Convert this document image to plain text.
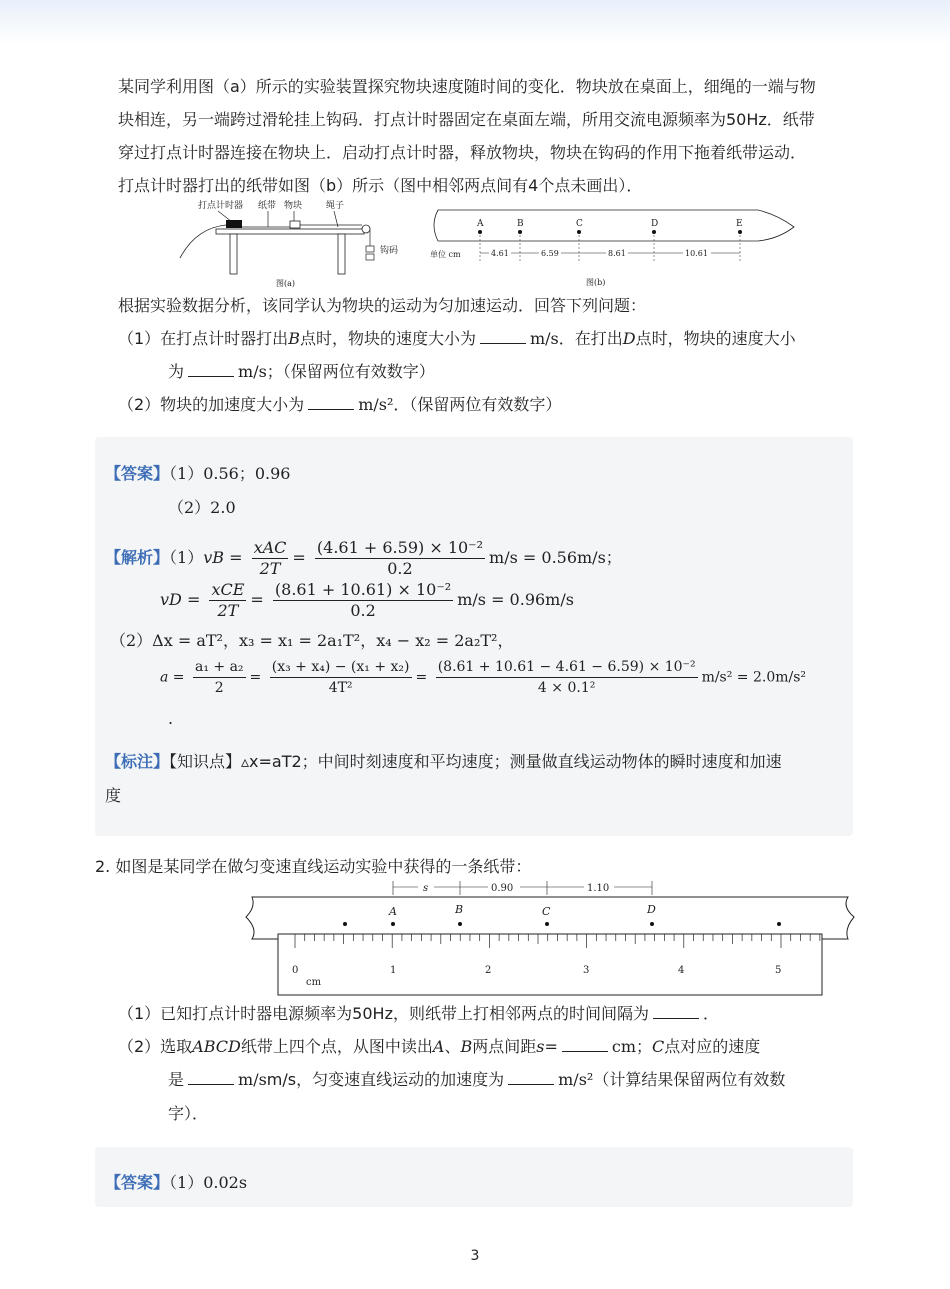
某同学利用图（a）所示的实验装置探究物块速度随时间的变化．物块放在桌面上，细绳的一端与物
块相连，另一端跨过滑轮挂上钩码．打点计时器固定在桌面左端，所用交流电源频率为50Hz．纸带
穿过打点计时器连接在物块上．启动打点计时器，释放物块，物块在钩码的作用下拖着纸带运动．
打点计时器打出的纸带如图（b）所示（图中相邻两点间有4个点未画出）．
打点计时器 纸带 物块	绳子
钩码
图(a)
A	B	C	D	E
单位 cm	4.61	6.59	8.61	10.61
图(b)
根据实验数据分析，该同学认为物块的运动为匀加速运动．回答下列问题：
（1）在打点计时器打出B点时，物块的速度大小为	m/s．在打出D点时，物块的速度大小
为	m/s；（保留两位有效数字）
（2）物块的加速度大小为	m/s²．（保留两位有效数字）
【答案】（1）0.56；0.96
（2）2.0
【解析】$(1)vB = \frac{\text{xAC}}{2T} = \frac{\text{(4.61 + 6.59) × 10⁻²}}{0.2} m/s = 0.56m/s$；
vD = $\frac{\text{xCE}}{2T} = \frac{\text{(8.61 + 10.61) × 10⁻²}}{0.2} m/s = 0.96m/s$
（2）Δx = aT²，x₃ = x₁ = 2a₁T²，x₄ − x₂ = 2a₂T²，
$a = \frac{\text{a₁ + a₂}}{2} = \frac{\text{(x₃ + x₄) − (x₁ + x₂)}}{\text{4T²}} = \frac{\text{(8.61 + 10.61 − 4.61 − 6.59) × 10⁻²}}{\text{4 × 0.1²}} m/s^2 = 2.0m/s^2$
.
【标注】【知识点】▵x=aT2；中间时刻速度和平均速度；测量做直线运动物体的瞬时速度和加速
度
2. 如图是某同学在做匀变速直线运动实验中获得的一条纸带：
s	0.90	1.10
A	B	C	D
0	1	2	3	4	5
cm
（1）已知打点计时器电源频率为50Hz，则纸带上打相邻两点的时间间隔为	．
（2）选取ABCD纸带上四个点，从图中读出A、B两点间距s=	cm；C点对应的速度
是	m/sm/s，匀变速直线运动的加速度为	m/s²（计算结果保留两位有效数
字）．
【答案】（1）0.02s
3
